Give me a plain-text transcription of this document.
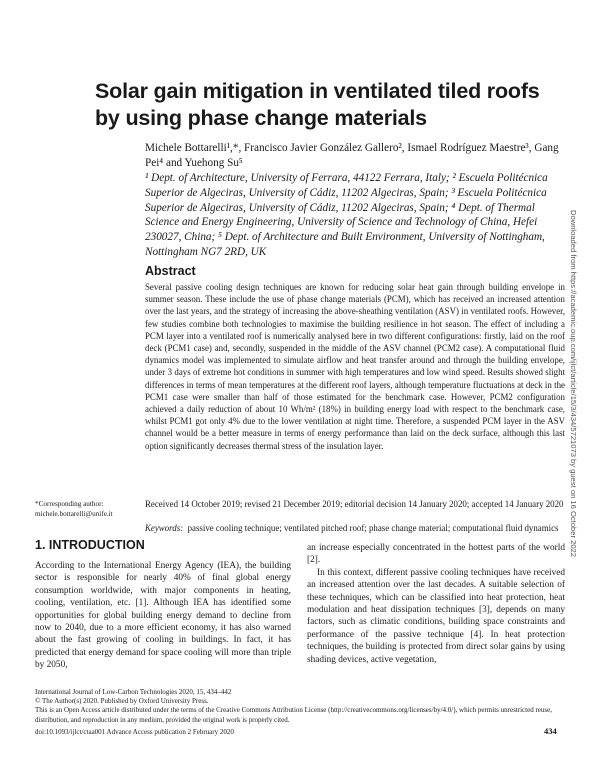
Solar gain mitigation in ventilated tiled roofs by using phase change materials
Michele Bottarelli¹,*, Francisco Javier González Gallero², Ismael Rodríguez Maestre³, Gang Pei⁴ and Yuehong Su⁵
¹ Dept. of Architecture, University of Ferrara, 44122 Ferrara, Italy; ² Escuela Politécnica Superior de Algeciras, University of Cádiz, 11202 Algeciras, Spain; ³ Escuela Politécnica Superior de Algeciras, University of Cádiz, 11202 Algeciras, Spain; ⁴ Dept. of Thermal Science and Energy Engineering, University of Science and Technology of China, Hefei 230027, China; ⁵ Dept. of Architecture and Built Environment, University of Nottingham, Nottingham NG7 2RD, UK
Abstract
Several passive cooling design techniques are known for reducing solar heat gain through building envelope in summer season. These include the use of phase change materials (PCM), which has received an increased attention over the last years, and the strategy of increasing the above-sheathing ventilation (ASV) in ventilated roofs. However, few studies combine both technologies to maximise the building resilience in hot season. The effect of including a PCM layer into a ventilated roof is numerically analysed here in two different configurations: firstly, laid on the roof deck (PCM1 case) and, secondly, suspended in the middle of the ASV channel (PCM2 case). A computational fluid dynamics model was implemented to simulate airflow and heat transfer around and through the building envelope, under 3 days of extreme hot conditions in summer with high temperatures and low wind speed. Results showed slight differences in terms of mean temperatures at the different roof layers, although temperature fluctuations at deck in the PCM1 case were smaller than half of those estimated for the benchmark case. However, PCM2 configuration achieved a daily reduction of about 10 Wh/m² (18%) in building energy load with respect to the benchmark case, whilst PCM1 got only 4% due to the lower ventilation at night time. Therefore, a suspended PCM layer in the ASV channel would be a better measure in terms of energy performance than laid on the deck surface, although this last option significantly decreases thermal stress of the insulation layer.
*Corresponding author: michele.bottarelli@unife.it
Received 14 October 2019; revised 21 December 2019; editorial decision 14 January 2020; accepted 14 January 2020
Keywords: passive cooling technique; ventilated pitched roof; phase change material; computational fluid dynamics
1. INTRODUCTION
According to the International Energy Agency (IEA), the building sector is responsible for nearly 40% of final global energy consumption worldwide, with major components in heating, cooling, ventilation, etc. [1]. Although IEA has identified some opportunities for global building energy demand to decline from now to 2040, due to a more efficient economy, it has also warned about the fast growing of cooling in buildings. In fact, it has predicted that energy demand for space cooling will more than triple by 2050,
an increase especially concentrated in the hottest parts of the world [2].
In this context, different passive cooling techniques have received an increased attention over the last decades. A suitable selection of these techniques, which can be classified into heat protection, heat modulation and heat dissipation techniques [3], depends on many factors, such as climatic conditions, building space constraints and performance of the passive technique [4]. In heat protection techniques, the building is protected from direct solar gains by using shading devices, active vegetation,
International Journal of Low-Carbon Technologies 2020, 15, 434–442
© The Author(s) 2020. Published by Oxford University Press.
This is an Open Access article distributed under the terms of the Creative Commons Attribution License (http://creativecommons.org/licenses/by/4.0/), which permits unrestricted reuse, distribution, and reproduction in any medium, provided the original work is properly cited.
doi:10.1093/ijlct/ctaa001 Advance Access publication 2 February 2020	434
Downloaded from https://academic.oup.com/ijlct/article/15/3/434/5721073 by guest on 16 October 2022
